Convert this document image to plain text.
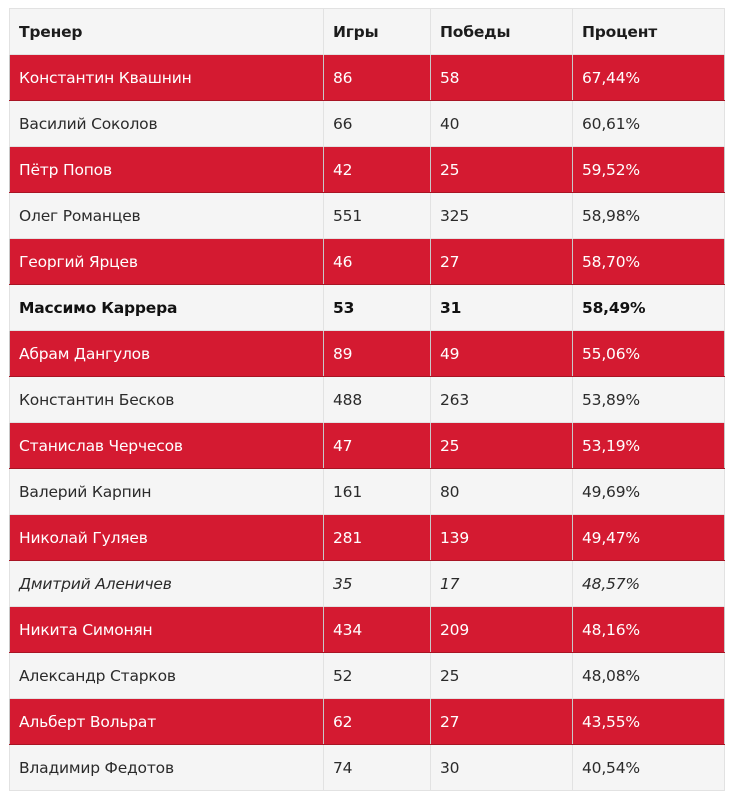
Тренер	Игры	Победы	Процент
Константин Квашнин	86	58	67,44%
Василий Соколов	66	40	60,61%
Пётр Попов	42	25	59,52%
Олег Романцев	551	325	58,98%
Георгий Ярцев	46	27	58,70%
Массимо Каррера	53	31	58,49%
Абрам Дангулов	89	49	55,06%
Константин Бесков	488	263	53,89%
Станислав Черчесов	47	25	53,19%
Валерий Карпин	161	80	49,69%
Николай Гуляев	281	139	49,47%
Дмитрий Аленичев	35	17	48,57%
Никита Симонян	434	209	48,16%
Александр Старков	52	25	48,08%
Альберт Вольрат	62	27	43,55%
Владимир Федотов	74	30	40,54%
